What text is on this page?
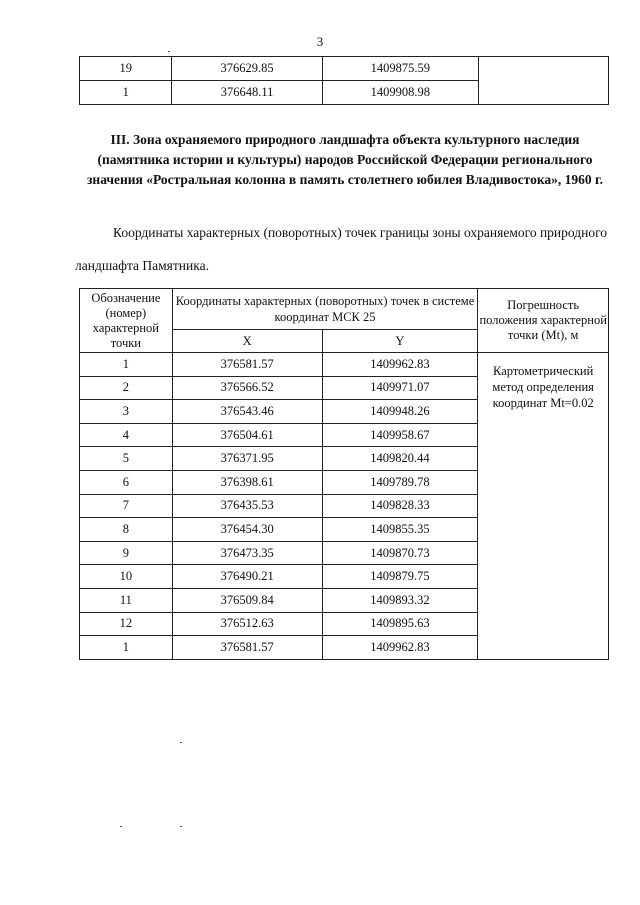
3
19	376629.85	1409875.59	
1	376648.11	1409908.98	
III. Зона охраняемого природного ландшафта объекта культурного наследия (памятника истории и культуры) народов Российской Федерации регионального значения «Ростральная колонна в память столетнего юбилея Владивостока», 1960 г.
Координаты характерных (поворотных) точек границы зоны охраняемого природного ландшафта Памятника.
Обозначение (номер) характерной точки	Координаты характерных (поворотных) точек в системе координат МСК 25		Погрешность положения характерной точки (Mt), м
	X	Y	
1	376581.57	1409962.83	Картометрический метод определения координат Mt=0.02
2	376566.52	1409971.07	
3	376543.46	1409948.26	
4	376504.61	1409958.67	
5	376371.95	1409820.44	
6	376398.61	1409789.78	
7	376435.53	1409828.33	
8	376454.30	1409855.35	
9	376473.35	1409870.73	
10	376490.21	1409879.75	
11	376509.84	1409893.32	
12	376512.63	1409895.63	
1	376581.57	1409962.83	
